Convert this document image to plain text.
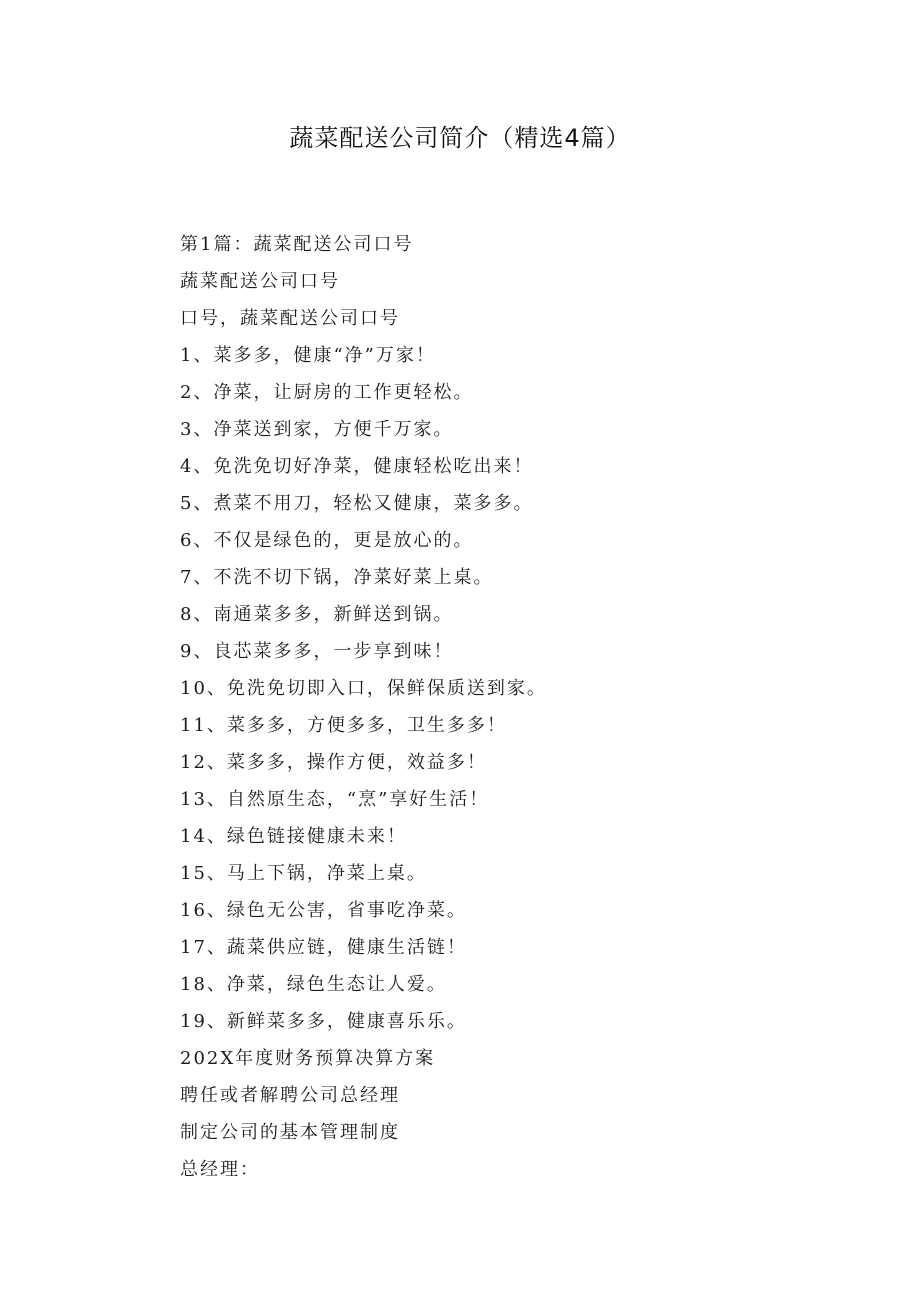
蔬菜配送公司简介（精选4篇）
第1篇：蔬菜配送公司口号
蔬菜配送公司口号
口号，蔬菜配送公司口号
1、菜多多，健康“净”万家！
2、净菜，让厨房的工作更轻松。
3、净菜送到家，方便千万家。
4、免洗免切好净菜，健康轻松吃出来！
5、煮菜不用刀，轻松又健康，菜多多。
6、不仅是绿色的，更是放心的。
7、不洗不切下锅，净菜好菜上桌。
8、南通菜多多，新鲜送到锅。
9、良芯菜多多，一步享到味！
10、免洗免切即入口，保鲜保质送到家。
11、菜多多，方便多多，卫生多多！
12、菜多多，操作方便，效益多！
13、自然原生态，“烹”享好生活！
14、绿色链接健康未来！
15、马上下锅，净菜上桌。
16、绿色无公害，省事吃净菜。
17、蔬菜供应链，健康生活链！
18、净菜，绿色生态让人爱。
19、新鲜菜多多，健康喜乐乐。
202X年度财务预算决算方案
聘任或者解聘公司总经理
制定公司的基本管理制度
总经理：
